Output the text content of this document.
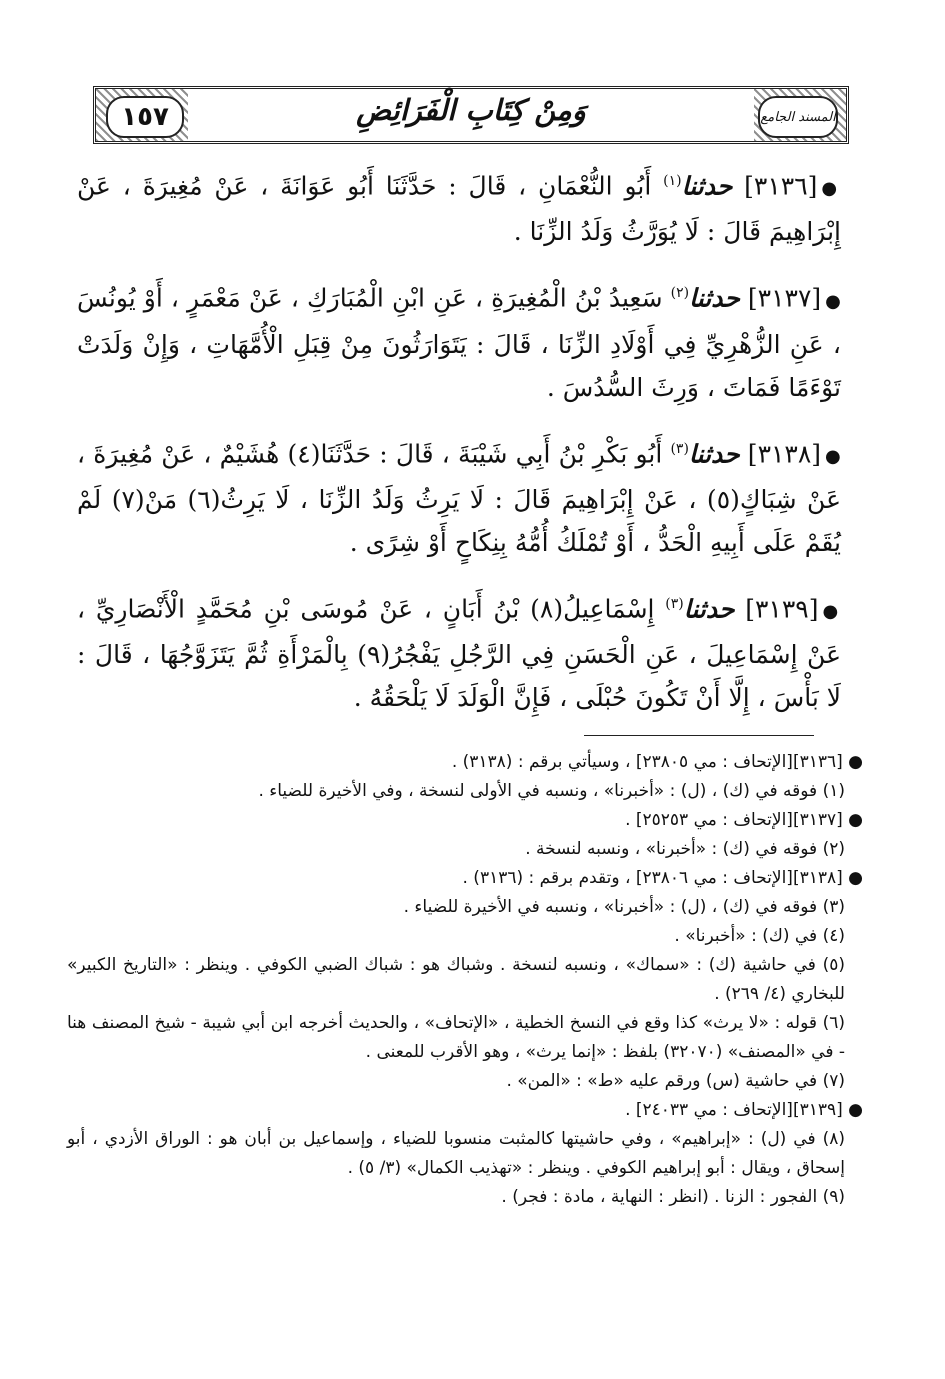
المسند الجامع
وَمِنْ كِتَابِ الْفَرَائِضِ
١٥٧

●[٣١٣٦] حدثنا$^{(١)}$ أَبُو النُّعْمَانِ ، قَالَ : حَدَّثَنَا أَبُو عَوَانَةَ ، عَنْ مُغِيرَةَ ، عَنْ إِبْرَاهِيمَ قَالَ : لَا يُوَرَّثُ وَلَدُ الزِّنَا .

●[٣١٣٧] حدثنا$^{(٢)}$ سَعِيدُ بْنُ الْمُغِيرَةِ ، عَنِ ابْنِ الْمُبَارَكِ ، عَنْ مَعْمَرٍ ، أَوْ يُونُسَ ، عَنِ الزُّهْرِيِّ فِي أَوْلَادِ الزِّنَا ، قَالَ : يَتَوَارَثُونَ مِنْ قِبَلِ الْأُمَّهَاتِ ، وَإِنْ وَلَدَتْ تَوْءَمًا فَمَاتَ ، وَرِثَ السُّدُسَ .

●[٣١٣٨] حدثنا$^{(٣)}$ أَبُو بَكْرِ بْنُ أَبِي شَيْبَةَ ، قَالَ : حَدَّثَنَا(٤) هُشَيْمٌ ، عَنْ مُغِيرَةَ ، عَنْ شِبَاكٍ(٥) ، عَنْ إِبْرَاهِيمَ قَالَ : لَا يَرِثُ وَلَدُ الزِّنَا ، لَا يَرِثُ(٦) مَنْ(٧) لَمْ يُقَمْ عَلَى أَبِيهِ الْحَدُّ ، أَوْ تُمْلَكُ أُمُّهُ بِنِكَاحٍ أَوْ شِرًى .

●[٣١٣٩] حدثنا$^{(٣)}$ إِسْمَاعِيلُ(٨) بْنُ أَبَانٍ ، عَنْ مُوسَى بْنِ مُحَمَّدٍ الْأَنْصَارِيِّ ، عَنْ إِسْمَاعِيلَ ، عَنِ الْحَسَنِ فِي الرَّجُلِ يَفْجُرُ(٩) بِالْمَرْأَةِ ثُمَّ يَتَزَوَّجُهَا ، قَالَ : لَا بَأْسَ ، إِلَّا أَنْ تَكُونَ حُبْلَى ، فَإِنَّ الْوَلَدَ لَا يَلْحَقُهُ .

● [٣١٣٦][الإتحاف : مي ٢٣٨٠٥] ، وسيأتي برقم : (٣١٣٨) .

(١) فوقه في (ك) ، (ل) : «أخبرنا» ، ونسبه في الأولى لنسخة ، وفي الأخيرة للضياء .

● [٣١٣٧][الإتحاف : مي ٢٥٢٥٣] .

(٢) فوقه في (ك) : «أخبرنا» ، ونسبه لنسخة .

● [٣١٣٨][الإتحاف : مي ٢٣٨٠٦] ، وتقدم برقم : (٣١٣٦) .

(٣) فوقه في (ك) ، (ل) : «أخبرنا» ، ونسبه في الأخيرة للضياء .

(٤) في (ك) : «أخبرنا» .

(٥) في حاشية (ك) : «سماك» ، ونسبه لنسخة . وشباك هو : شباك الضبي الكوفي . وينظر : «التاريخ الكبير» للبخاري (٤/ ٢٦٩) .

(٦) قوله : «لا يرث» كذا وقع في النسخ الخطية ، «الإتحاف» ، والحديث أخرجه ابن أبي شيبة - شيخ المصنف هنا - في «المصنف» (٣٢٠٧٠) بلفظ : «إنما يرث» ، وهو الأقرب للمعنى .

(٧) في حاشية (س) ورقم عليه «ط» : «المن» .

● [٣١٣٩][الإتحاف : مي ٢٤٠٣٣] .

(٨) في (ل) : «إبراهيم» ، وفي حاشيتها كالمثبت منسوبا للضياء ، وإسماعيل بن أبان هو : الوراق الأزدي ، أبو إسحاق ، ويقال : أبو إبراهيم الكوفي . وينظر : «تهذيب الكمال» (٣/ ٥) .

(٩) الفجور : الزنا . (انظر : النهاية ، مادة : فجر) .
